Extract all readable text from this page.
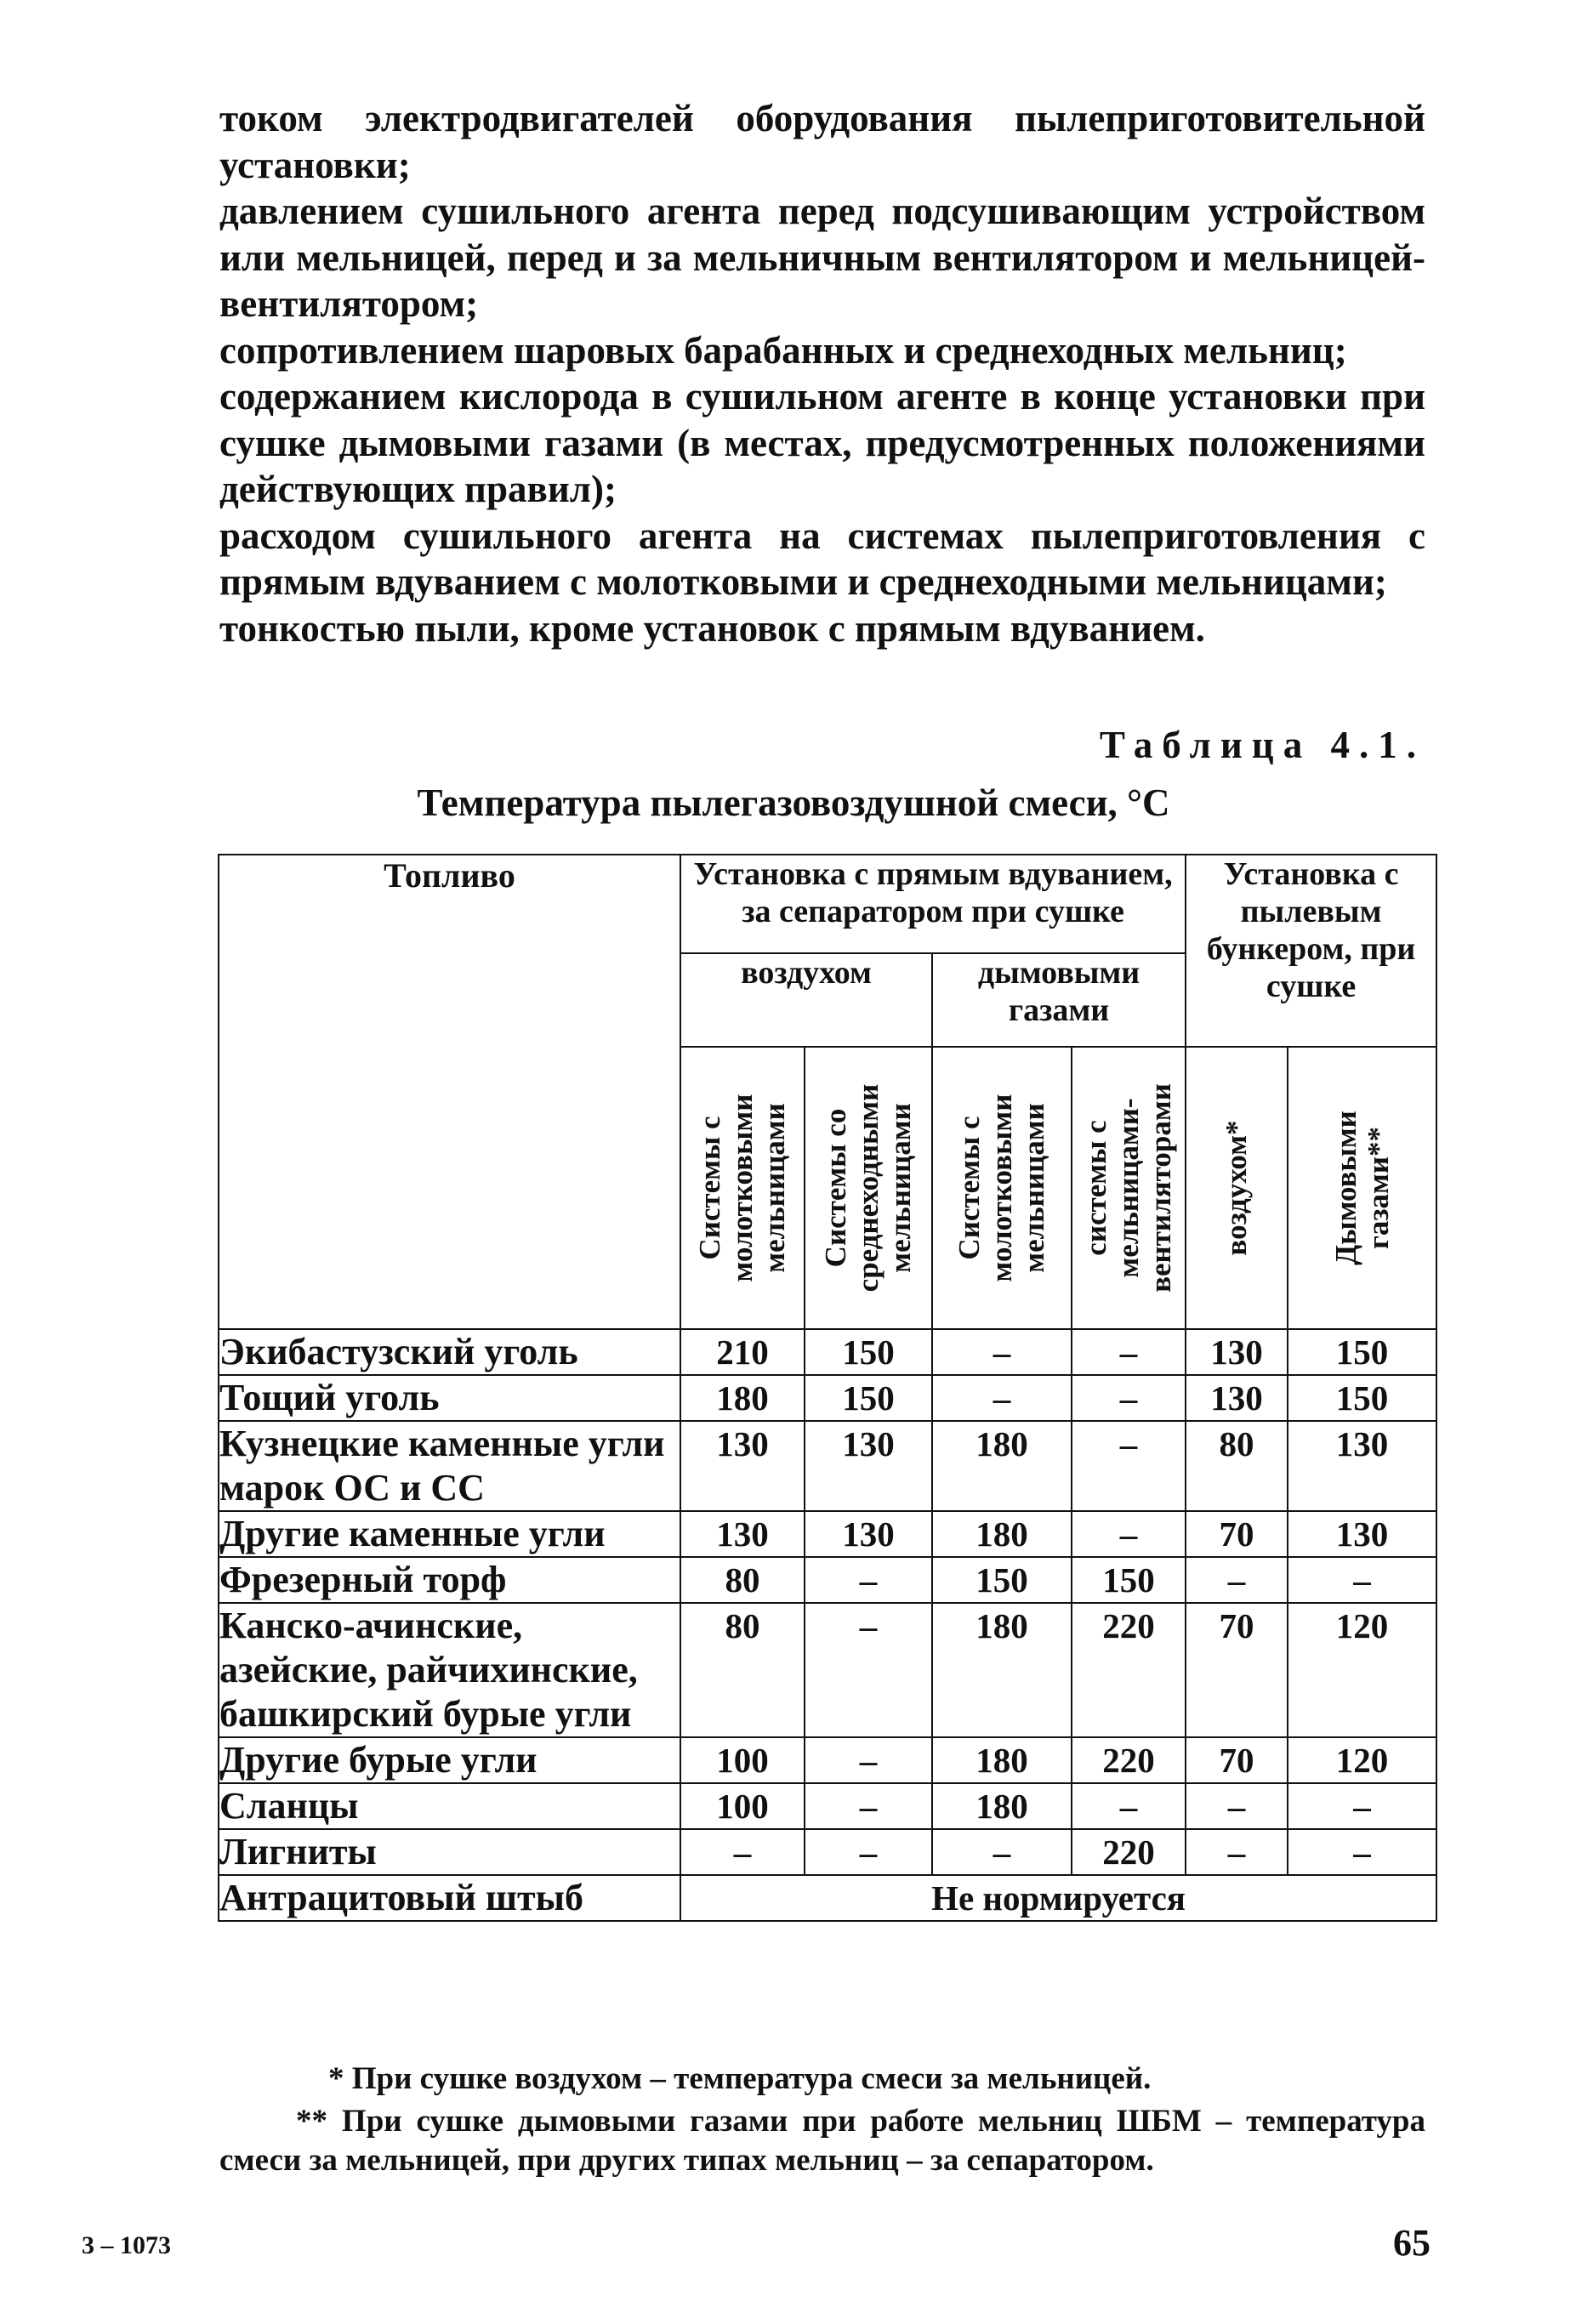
током электродвигателей оборудования пылеприготовительной установки;

давлением сушильного агента перед подсушивающим устройством или мельницей, перед и за мельничным вентилятором и мельницей-вентилятором;

сопротивлением шаровых барабанных и среднеходных мельниц;

содержанием кислорода в сушильном агенте в конце установки при сушке дымовыми газами (в местах, предусмотренных положениями действующих правил);

расходом сушильного агента на системах пылеприготовления с прямым вдуванием с молотковыми и среднеходными мельницами;

тонкостью пыли, кроме установок с прямым вдуванием.

Таблица 4.1.
Температура пылегазовоздушной смеси, °С
Топливо	Установка с прямым вдуванием, за сепаратором при сушке				Установка с пылевым бункером, при сушке	
	воздухом		дымовыми газами			

	Системы с молотковыми мельницами	Системы со среднеходными мельницами	Системы с молотковыми мельницами	системы с мельницами-вентиляторами	воздухом*	Дымовыми газами**

Экибастузский уголь	210	150	–	–	130	150
Тощий уголь	180	150	–	–	130	150
Кузнецкие каменные угли марок ОС и СС	130	130	180	–	80	130
Другие каменные угли	130	130	180	–	70	130
Фрезерный торф	80	–	150	150	–	–
Канско-ачинские, азейские, райчихинские, башкирский бурые угли	80	–	180	220	70	120
Другие бурые угли	100	–	180	220	70	120
Сланцы	100	–	180	–	–	–
Лигниты	–	–	–	220	–	–
Антрацитовый штыб	Не нормируется					
* При сушке воздухом – температура смеси за мельницей.
** При сушке дымовыми газами при работе мельниц ШБМ – температура смеси за мельницей, при других типах мельниц – за сепаратором.
3 – 1073	65
